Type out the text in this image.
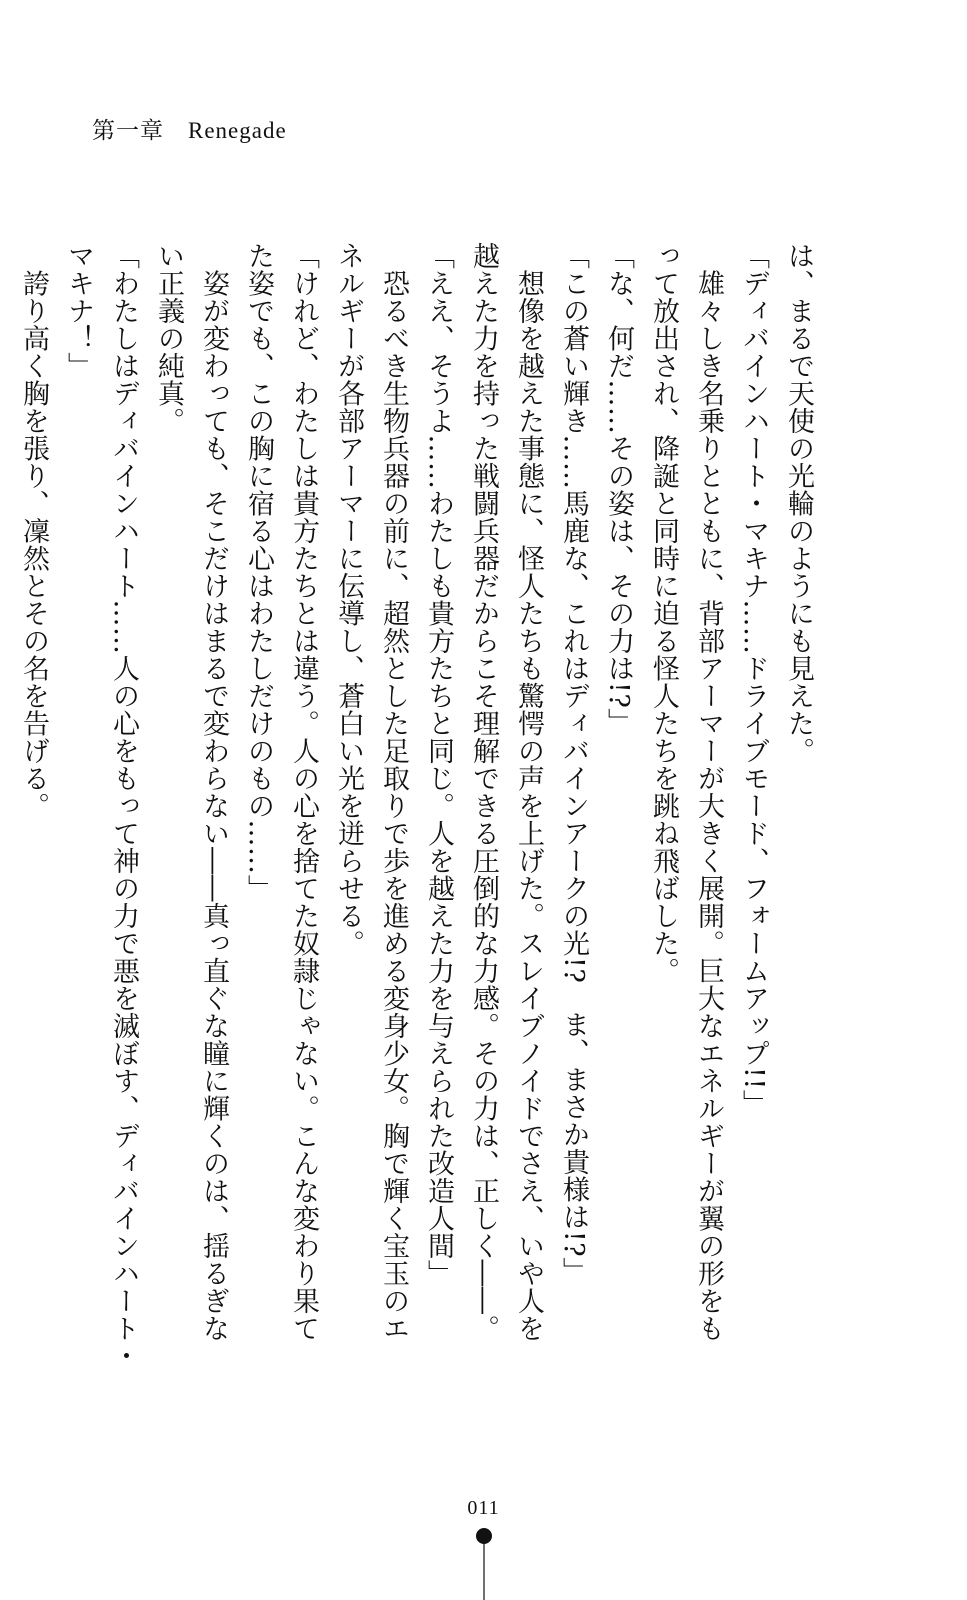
第一章 Renegade
は、まるで天使の光輪のようにも見えた。
「ディバインハート・マキナ……ドライブモード、フォームアップ!!」
　雄々しき名乗りとともに、背部アーマーが大きく展開。巨大なエネルギーが翼の形をも
って放出され、降誕と同時に迫る怪人たちを跳ね飛ばした。
「な、何だ……その姿は、その力は!?」
「この蒼い輝き……馬鹿な、これはディバインアークの光!?　ま、まさか貴様は!?」
　想像を越えた事態に、怪人たちも驚愕の声を上げた。スレイブノイドでさえ、いや人を
越えた力を持った戦闘兵器だからこそ理解できる圧倒的な力感。その力は、正しく――。
「ええ、そうよ……わたしも貴方たちと同じ。人を越えた力を与えられた改造人間」
　恐るべき生物兵器の前に、超然とした足取りで歩を進める変身少女。胸で輝く宝玉のエ
ネルギーが各部アーマーに伝導し、蒼白い光を迸らせる。
「けれど、わたしは貴方たちとは違う。人の心を捨てた奴隷じゃない。こんな変わり果て
た姿でも、この胸に宿る心はわたしだけのもの……」
　姿が変わっても、そこだけはまるで変わらない――真っ直ぐな瞳に輝くのは、揺るぎな
い正義の純真。
「わたしはディバインハート……人の心をもって神の力で悪を滅ぼす、ディバインハート・
マキナ！」
　誇り高く胸を張り、凜然とその名を告げる。
011
